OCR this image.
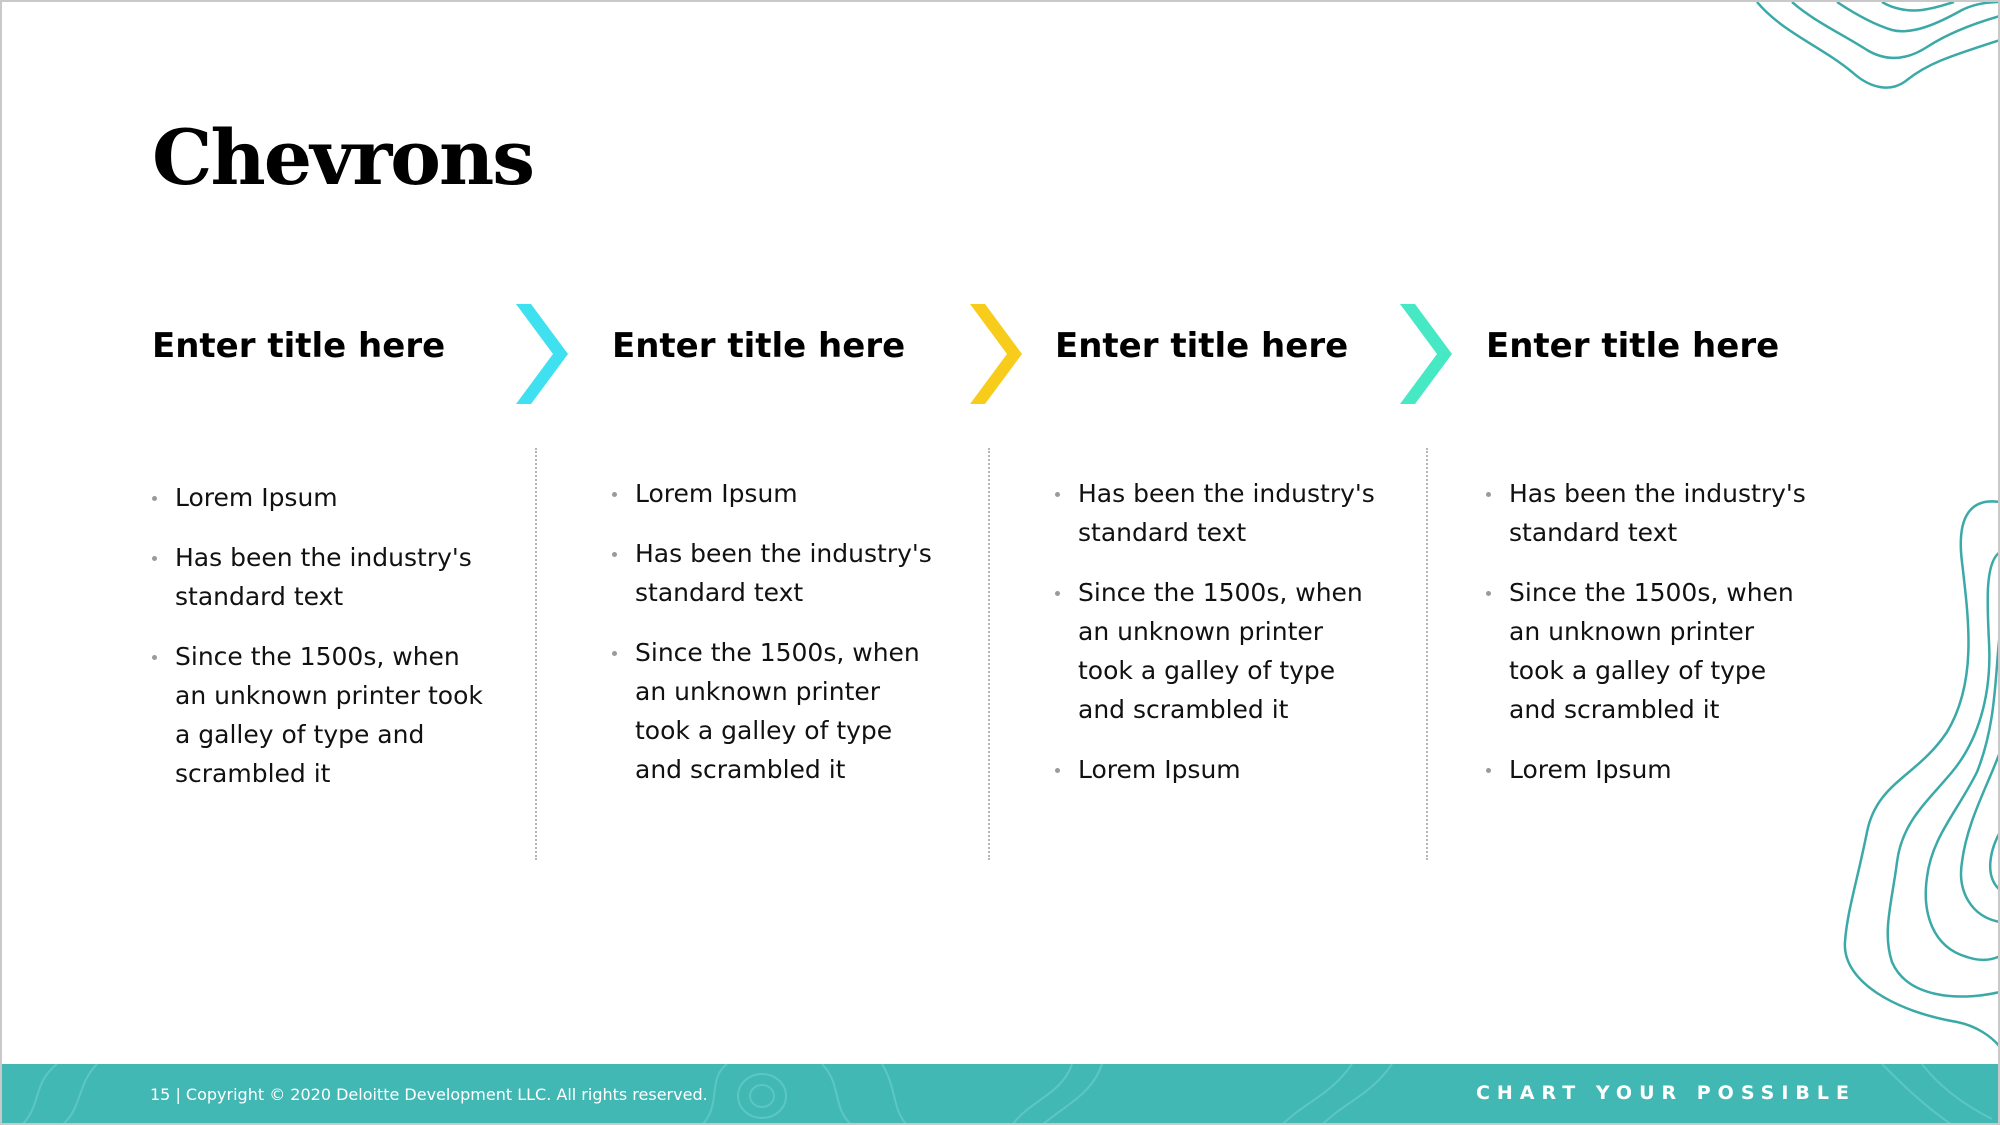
Chevrons
Enter title here
Lorem Ipsum
Has been the industry's standard text
Since the 1500s, when an unknown printer took a galley of type and scrambled it
Enter title here
Lorem Ipsum
Has been the industry's standard text
Since the 1500s, when an unknown printer took a galley of type and scrambled it
Enter title here
Has been the industry's standard text
Since the 1500s, when an unknown printer took a galley of type and scrambled it
Lorem Ipsum
Enter title here
Has been the industry's standard text
Since the 1500s, when an unknown printer took a galley of type and scrambled it
Lorem Ipsum
15 | Copyright © 2020 Deloitte Development LLC. All rights reserved.	CHART YOUR POSSIBLE
